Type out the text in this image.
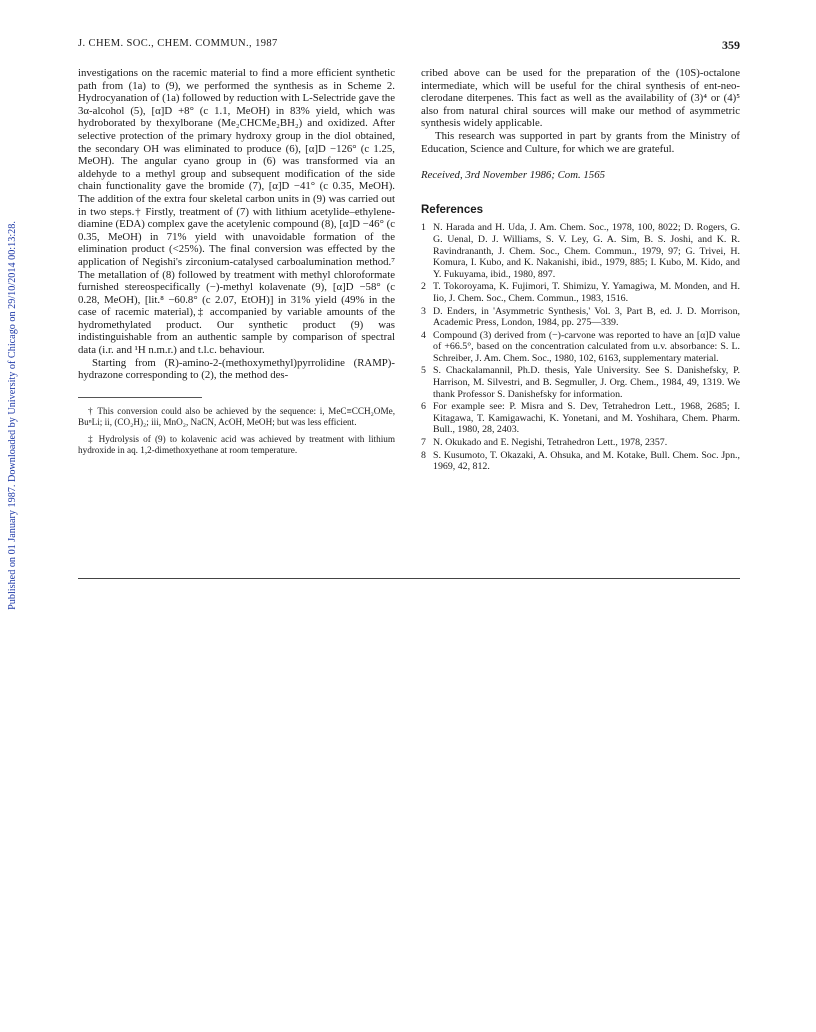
J. CHEM. SOC., CHEM. COMMUN., 1987	359
Published on 01 January 1987. Downloaded by University of Chicago on 29/10/2014 00:13:28.

investigations on the racemic material to find a more efficient synthetic path from (1a) to (9), we performed the synthesis as in Scheme 2. Hydrocyanation of (1a) followed by reduction with L-Selectride gave the 3α-alcohol (5), [α]D +8° (c 1.1, MeOH) in 83% yield, which was hydroborated by thexylborane (Me₂CHCMe₂BH₂) and oxidized. After selective protection of the primary hydroxy group in the diol obtained, the secondary OH was eliminated to produce (6), [α]D −126° (c 1.25, MeOH). The angular cyano group in (6) was transformed via an aldehyde to a methyl group and subsequent modification of the side chain functionality gave the bromide (7), [α]D −41° (c 0.35, MeOH). The addition of the extra four skeletal carbon units in (9) was carried out in two steps.† Firstly, treatment of (7) with lithium acetylide–ethylene-diamine (EDA) complex gave the acetylenic compound (8), [α]D −46° (c 0.35, MeOH) in 71% yield with unavoidable formation of the elimination product (<25%). The final conversion was effected by the application of Negishi's zirconium-catalysed carboalumination method.⁷ The metallation of (8) followed by treatment with methyl chloroformate furnished stereospecifically (−)-methyl kolavenate (9), [α]D −58° (c 0.28, MeOH), [lit.⁸ −60.8° (c 2.07, EtOH)] in 31% yield (49% in the case of racemic material),‡ accompanied by variable amounts of the hydromethylated product. Our synthetic product (9) was indistinguishable from an authentic sample by comparison of spectral data (i.r. and ¹H n.m.r.) and t.l.c. behaviour.

Starting from (R)-amino-2-(methoxymethyl)pyrrolidine (RAMP)-hydrazone corresponding to (2), the method des-

† This conversion could also be achieved by the sequence: i, MeC≡CCH₂OMe, BuⁿLi; ii, (CO₂H)₂; iii, MnO₂, NaCN, AcOH, MeOH; but was less efficient.

‡ Hydrolysis of (9) to kolavenic acid was achieved by treatment with lithium hydroxide in aq. 1,2-dimethoxyethane at room temperature.

cribed above can be used for the preparation of the (10S)-octalone intermediate, which will be useful for the chiral synthesis of ent-neo-clerodane diterpenes. This fact as well as the availability of (3)⁴ or (4)⁵ also from natural chiral sources will make our method of asymmetric synthesis widely applicable.

This research was supported in part by grants from the Ministry of Education, Science and Culture, for which we are grateful.

Received, 3rd November 1986; Com. 1565

References
1 N. Harada and H. Uda, J. Am. Chem. Soc., 1978, 100, 8022; D. Rogers, G. G. Uenal, D. J. Williams, S. V. Ley, G. A. Sim, B. S. Joshi, and K. R. Ravindrananth, J. Chem. Soc., Chem. Commun., 1979, 97; G. Trivei, H. Komura, I. Kubo, and K. Nakanishi, ibid., 1979, 885; I. Kubo, M. Kido, and Y. Fukuyama, ibid., 1980, 897.
2 T. Tokoroyama, K. Fujimori, T. Shimizu, Y. Yamagiwa, M. Monden, and H. Iio, J. Chem. Soc., Chem. Commun., 1983, 1516.
3 D. Enders, in 'Asymmetric Synthesis,' Vol. 3, Part B, ed. J. D. Morrison, Academic Press, London, 1984, pp. 275—339.
4 Compound (3) derived from (−)-carvone was reported to have an [α]D value of +66.5°, based on the concentration calculated from u.v. absorbance: S. L. Schreiber, J. Am. Chem. Soc., 1980, 102, 6163, supplementary material.
5 S. Chackalamannil, Ph.D. thesis, Yale University. See S. Danishefsky, P. Harrison, M. Silvestri, and B. Segmuller, J. Org. Chem., 1984, 49, 1319. We thank Professor S. Danishefsky for information.
6 For example see: P. Misra and S. Dev, Tetrahedron Lett., 1968, 2685; I. Kitagawa, T. Kamigawachi, K. Yonetani, and M. Yoshihara, Chem. Pharm. Bull., 1980, 28, 2403.
7 N. Okukado and E. Negishi, Tetrahedron Lett., 1978, 2357.
8 S. Kusumoto, T. Okazaki, A. Ohsuka, and M. Kotake, Bull. Chem. Soc. Jpn., 1969, 42, 812.
